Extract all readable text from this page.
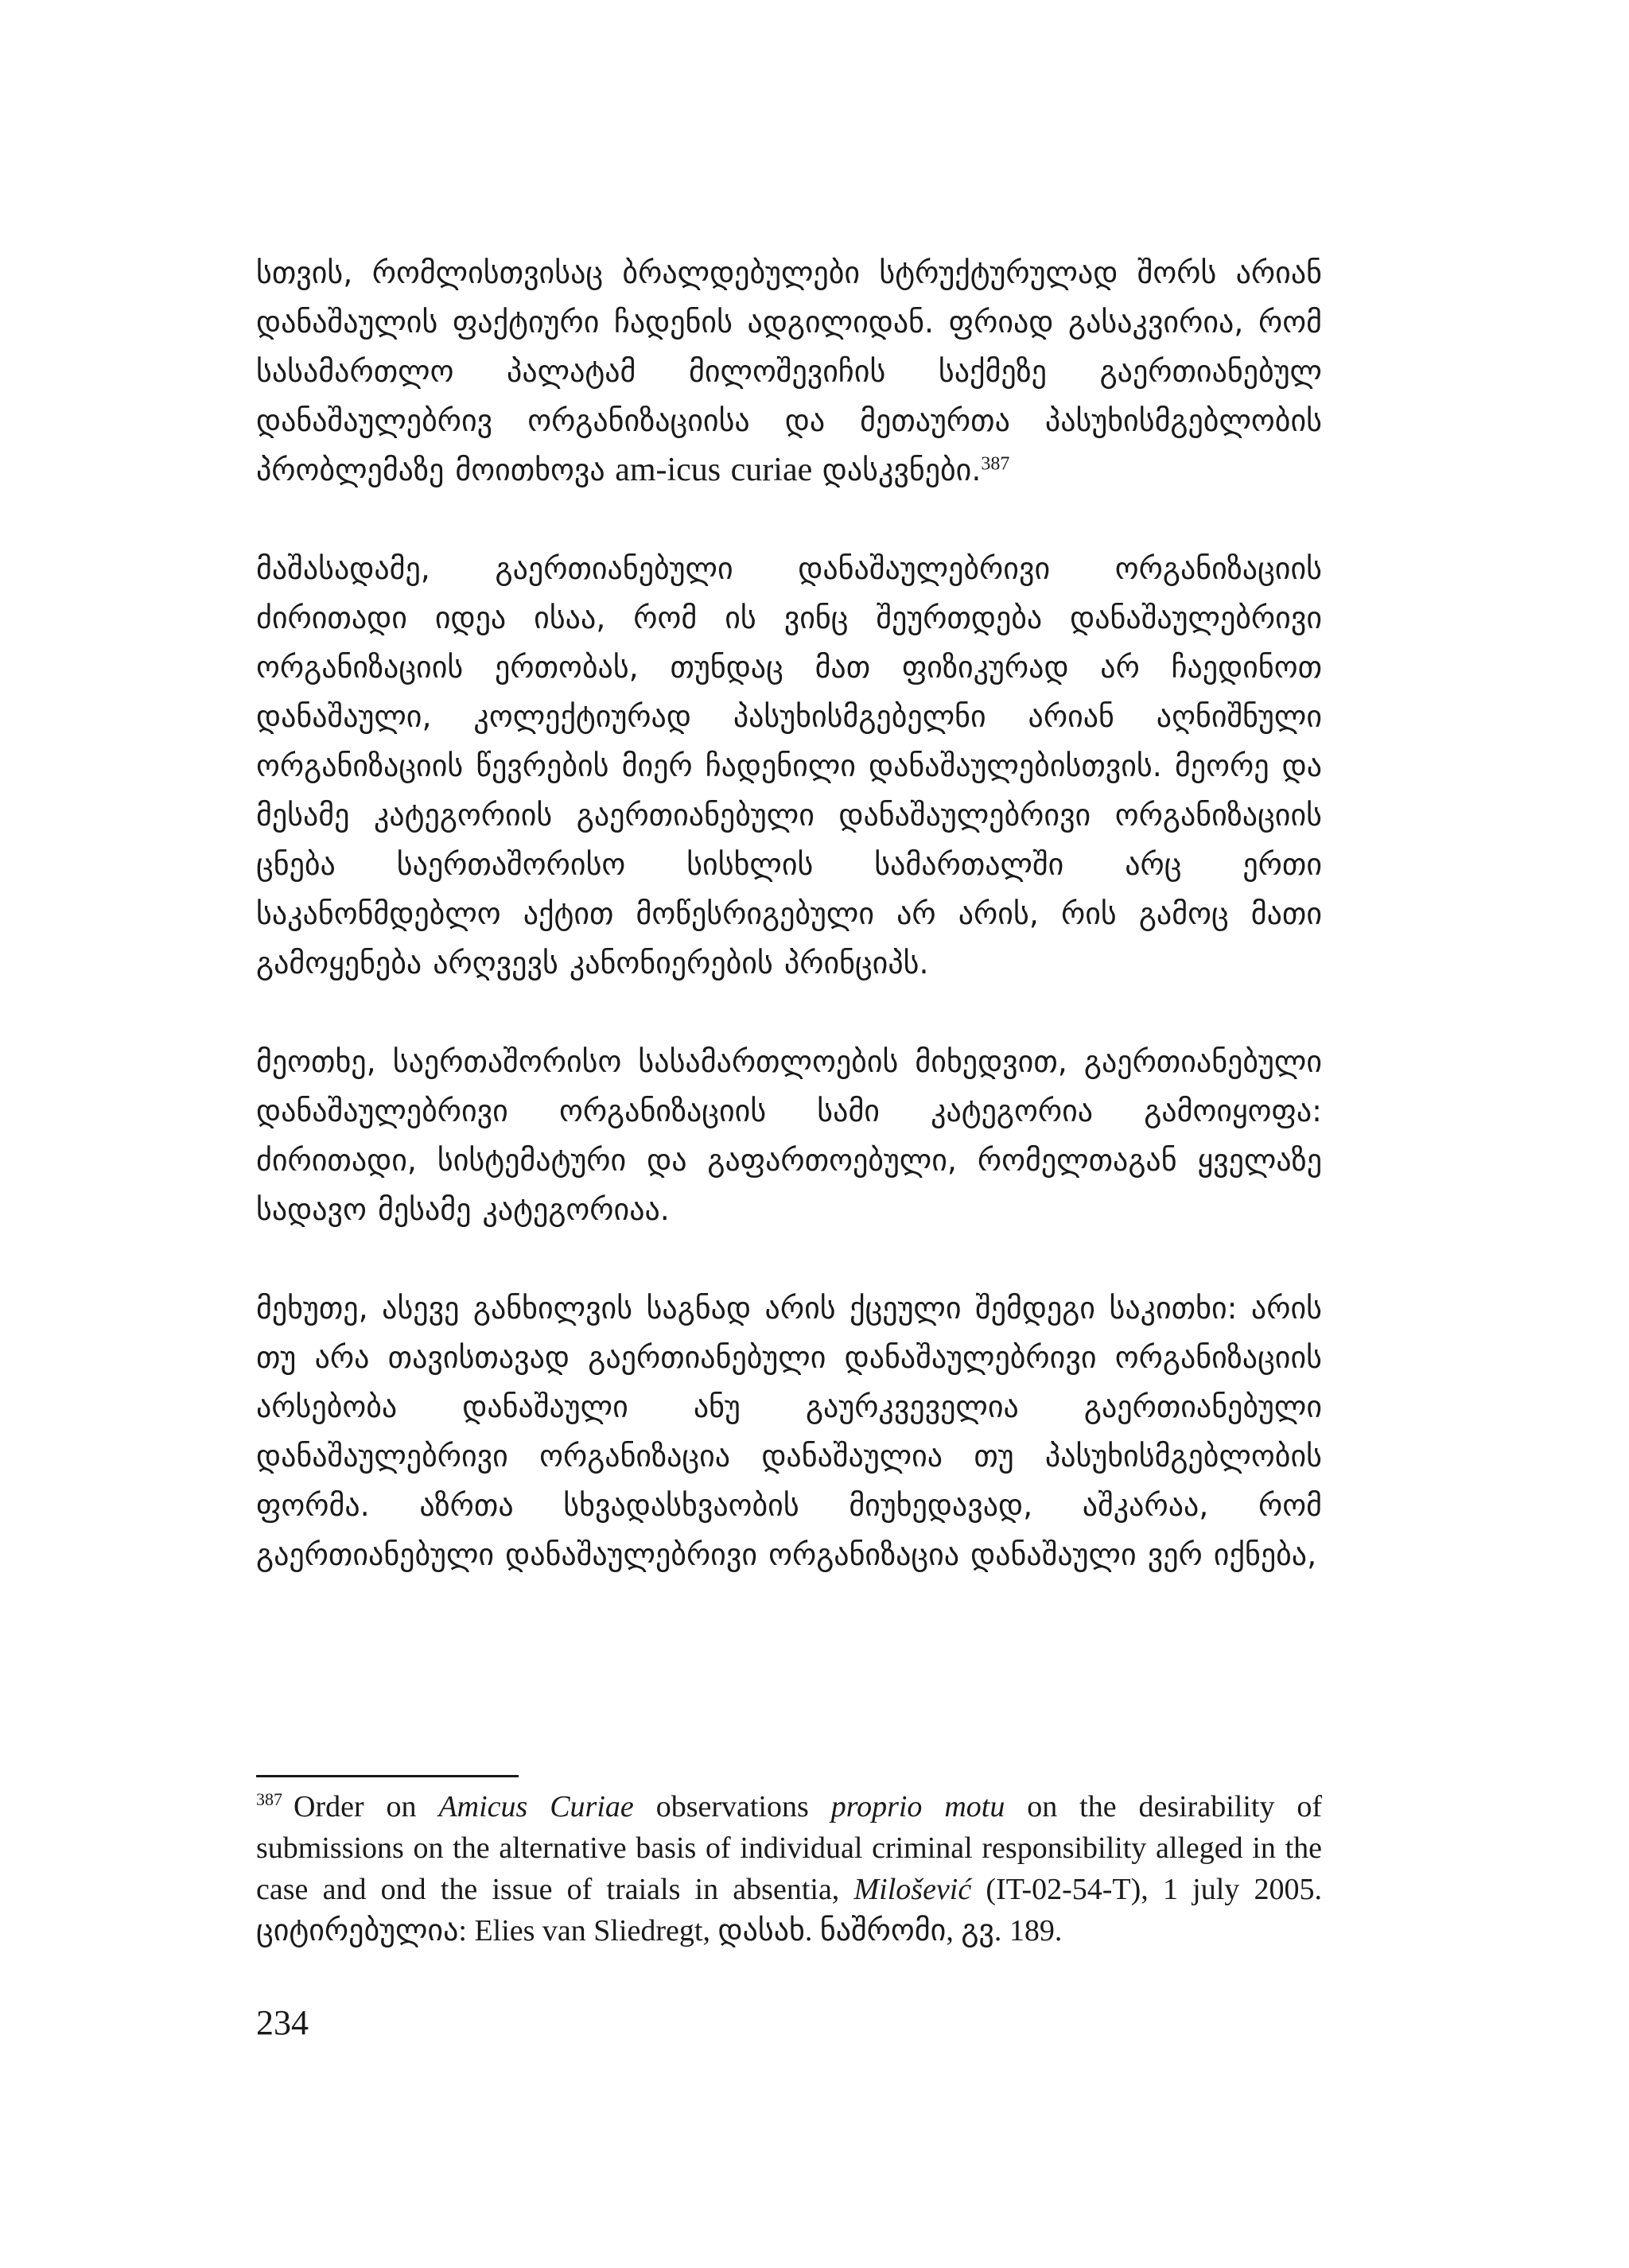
სთვის, რომლისთვისაც ბრალდებულები სტრუქტურულად შორს არიან დანაშაულის ფაქტიური ჩადენის ადგილიდან. ფრიად გასაკვირია, რომ სასამართლო პალატამ მილოშევიჩის საქმეზე გაერთიანებულ დანაშაულებრივ ორგანიზაციისა და მეთაურთა პასუხისმგებლობის პრობლემაზე მოითხოვა am-icus curiae დასკვნები.$^{387}$

მაშასადამე, გაერთიანებული დანაშაულებრივი ორგანიზაციის ძირითადი იდეა ისაა, რომ ის ვინც შეურთდება დანაშაულებრივი ორგანიზაციის ერთობას, თუნდაც მათ ფიზიკურად არ ჩაედინოთ დანაშაული, კოლექტიურად პასუხისმგებელნი არიან აღნიშნული ორგანიზაციის წევრების მიერ ჩადენილი დანაშაულებისთვის. მეორე და მესამე კატეგორიის გაერთიანებული დანაშაულებრივი ორგანიზაციის ცნება საერთაშორისო სისხლის სამართალში არც ერთი საკანონმდებლო აქტით მოწესრიგებული არ არის, რის გამოც მათი გამოყენება არღვევს კანონიერების პრინციპს.

მეოთხე, საერთაშორისო სასამართლოების მიხედვით, გაერთიანებული დანაშაულებრივი ორგანიზაციის სამი კატეგორია გამოიყოფა: ძირითადი, სისტემატური და გაფართოებული, რომელთაგან ყველაზე სადავო მესამე კატეგორიაა.

მეხუთე, ასევე განხილვის საგნად არის ქცეული შემდეგი საკითხი: არის თუ არა თავისთავად გაერთიანებული დანაშაულებრივი ორგანიზაციის არსებობა დანაშაული ანუ გაურკვეველია გაერთიანებული დანაშაულებრივი ორგანიზაცია დანაშაულია თუ პასუხისმგებლობის ფორმა. აზრთა სხვადასხვაობის მიუხედავად, აშკარაა, რომ გაერთიანებული დანაშაულებრივი ორგანიზაცია დანაშაული ვერ იქნება,

$^{387}$ Order on Amicus Curiae observations proprio motu on the desirability of submissions on the alternative basis of individual criminal responsibility alleged in the case and ond the issue of traials in absentia, Milošević (IT-02-54-T), 1 july 2005. ციტირებულია: Elies van Sliedregt, დასახ. ნაშრომი, გვ. 189.

234
